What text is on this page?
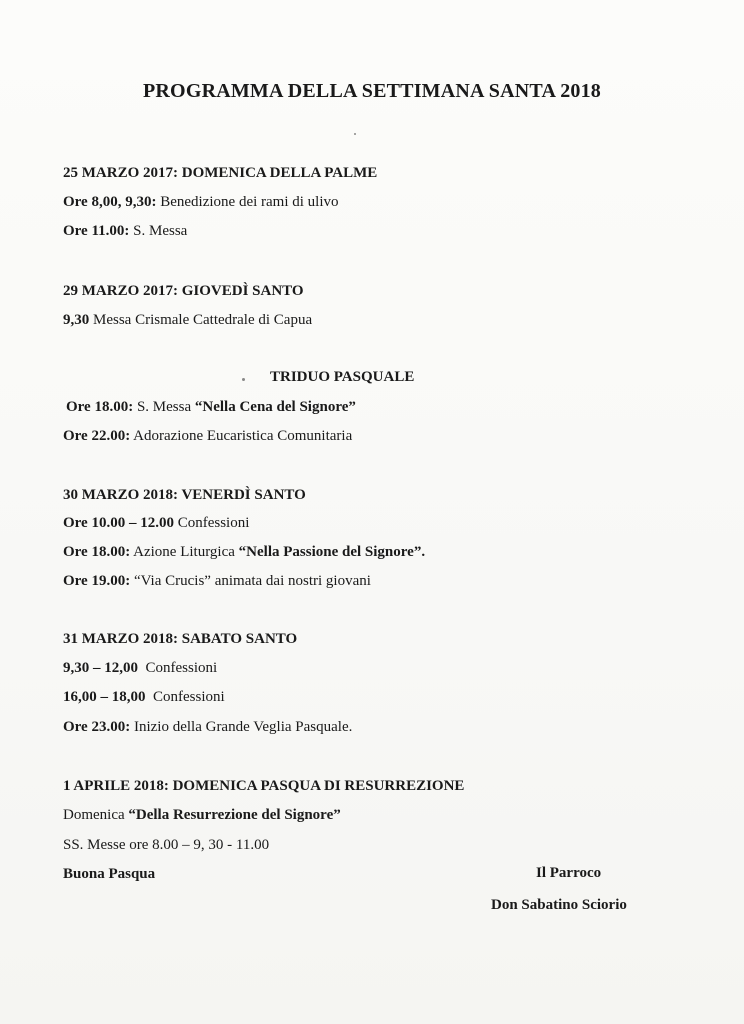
PROGRAMMA DELLA SETTIMANA SANTA 2018
25 MARZO 2017: DOMENICA DELLA PALME
Ore 8,00, 9,30: Benedizione dei rami di ulivo
Ore 11.00: S. Messa
29 MARZO 2017: GIOVEDÌ SANTO
9,30 Messa Crismale Cattedrale di Capua
TRIDUO PASQUALE
Ore 18.00: S. Messa “Nella Cena del Signore”
Ore 22.00: Adorazione Eucaristica Comunitaria
30 MARZO 2018: VENERDÌ SANTO
Ore 10.00 – 12.00 Confessioni
Ore 18.00: Azione Liturgica “Nella Passione del Signore”.
Ore 19.00: “Via Crucis” animata dai nostri giovani
31 MARZO 2018: SABATO SANTO
9,30 – 12,00  Confessioni
16,00 – 18,00  Confessioni
Ore 23.00: Inizio della Grande Veglia Pasquale.
1 APRILE 2018: DOMENICA PASQUA DI RESURREZIONE
Domenica “Della Resurrezione del Signore”
SS. Messe ore 8.00 – 9, 30 - 11.00
Buona Pasqua	Il Parroco
Don Sabatino Sciorio
